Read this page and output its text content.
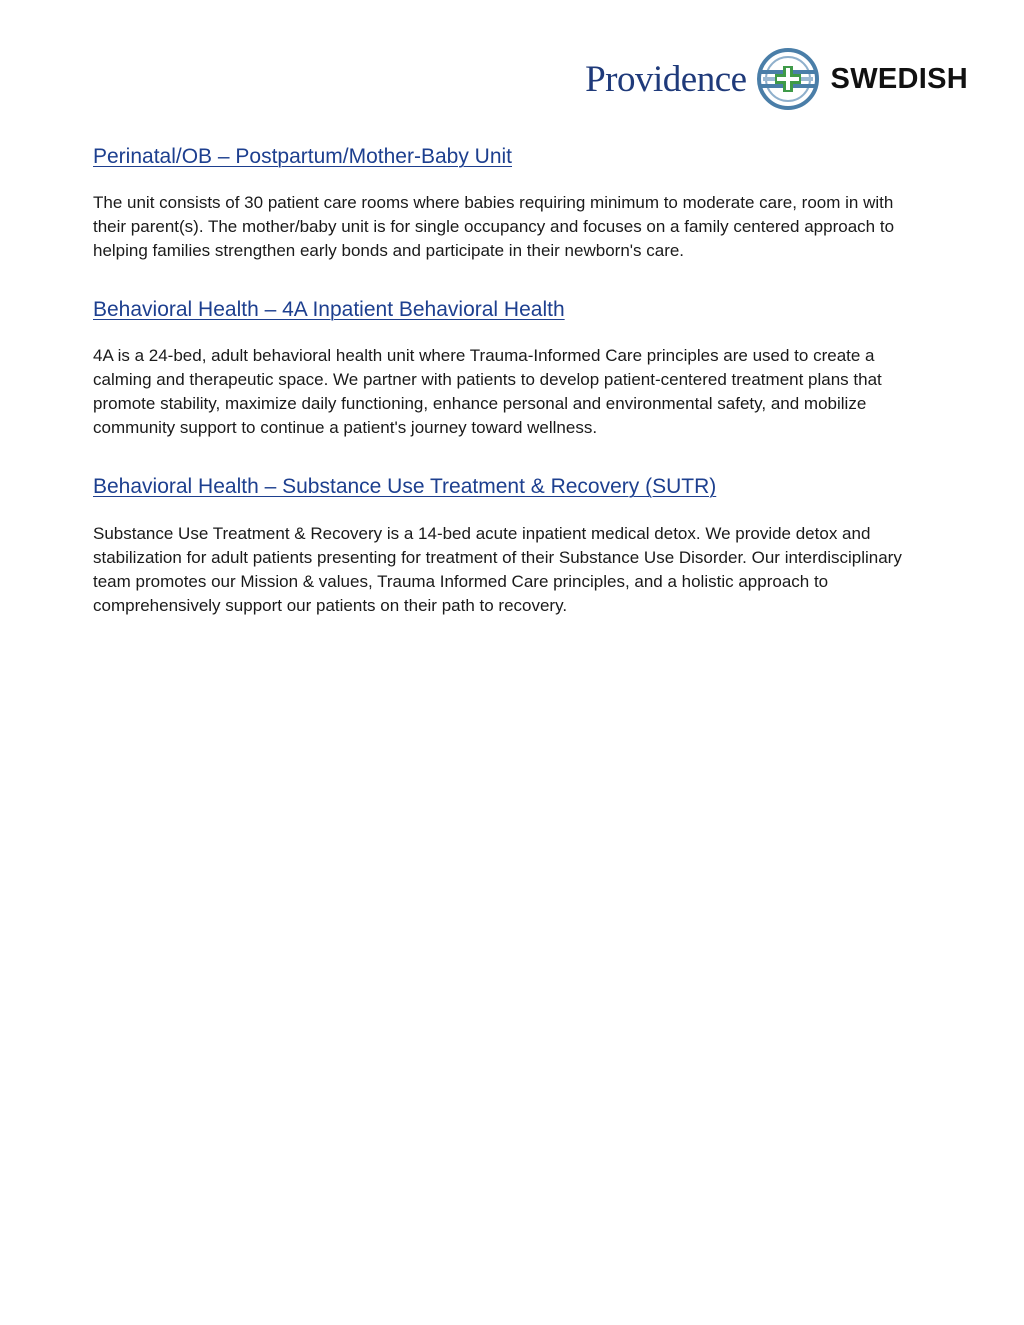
Providence	SWEDISH
Perinatal/OB – Postpartum/Mother-Baby Unit

The unit consists of 30 patient care rooms where babies requiring minimum to moderate care, room in with their parent(s). The mother/baby unit is for single occupancy and focuses on a family centered approach to helping families strengthen early bonds and participate in their newborn's care.

Behavioral Health – 4A Inpatient Behavioral Health

4A is a 24-bed, adult behavioral health unit where Trauma-Informed Care principles are used to create a calming and therapeutic space. We partner with patients to develop patient-centered treatment plans that promote stability, maximize daily functioning, enhance personal and environmental safety, and mobilize community support to continue a patient's journey toward wellness.

Behavioral Health – Substance Use Treatment & Recovery (SUTR)

Substance Use Treatment & Recovery is a 14-bed acute inpatient medical detox. We provide detox and stabilization for adult patients presenting for treatment of their Substance Use Disorder. Our interdisciplinary team promotes our Mission & values, Trauma Informed Care principles, and a holistic approach to comprehensively support our patients on their path to recovery.
